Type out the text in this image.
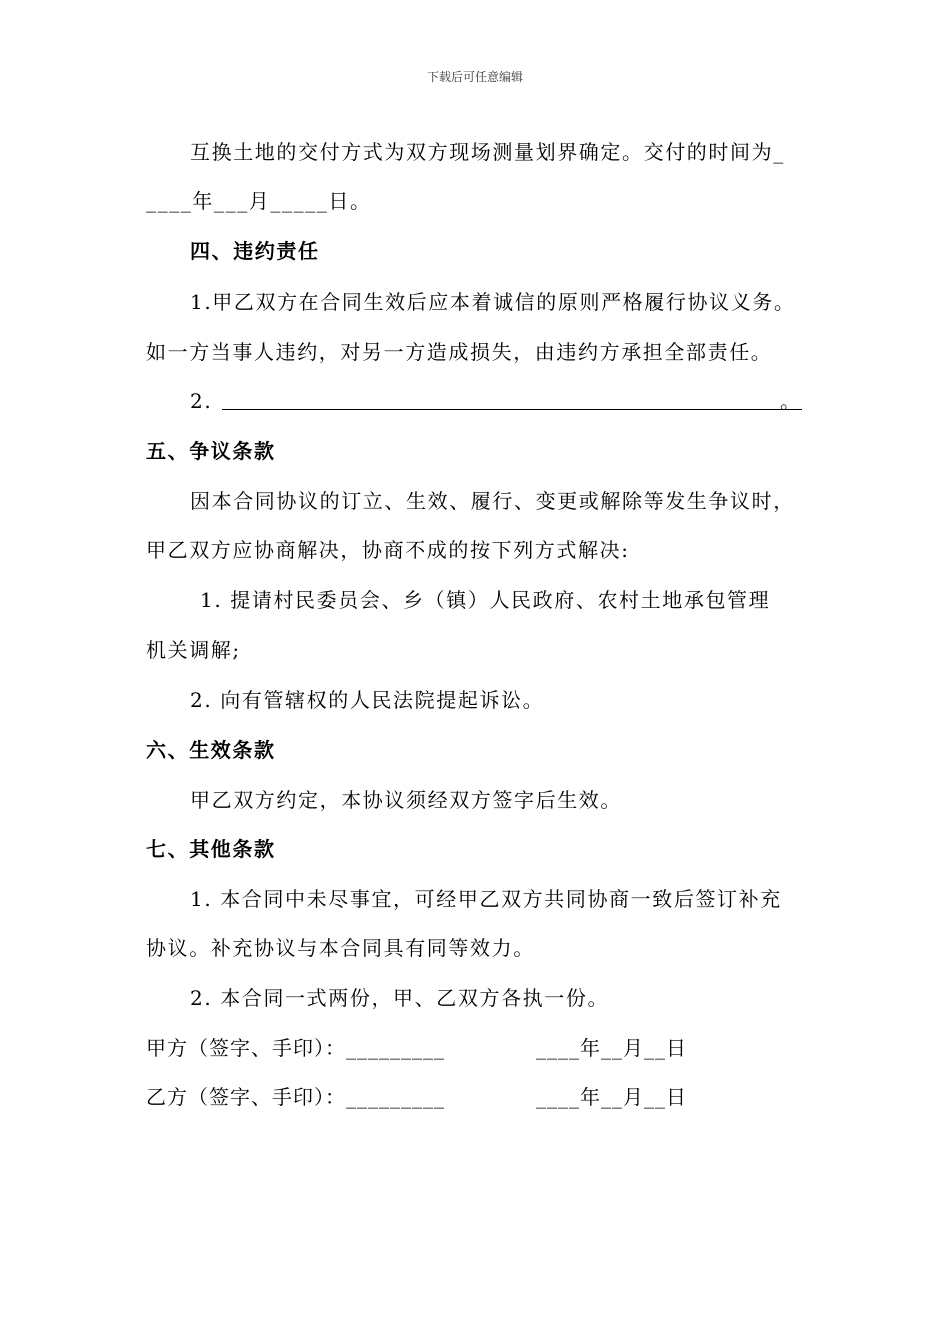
下载后可任意编辑
互换土地的交付方式为双方现场测量划界确定。交付的时间为_
____年___月_____日。
四、违约责任
1.甲乙双方在合同生效后应本着诚信的原则严格履行协议义务。
如一方当事人违约，对另一方造成损失，由违约方承担全部责任。
2.	。
五、争议条款
因本合同协议的订立、生效、履行、变更或解除等发生争议时，
甲乙双方应协商解决，协商不成的按下列方式解决:
1. 提请村民委员会、乡（镇）人民政府、农村土地承包管理
机关调解;
2. 向有管辖权的人民法院提起诉讼。
六、生效条款
甲乙双方约定，本协议须经双方签字后生效。
七、其他条款
1. 本合同中未尽事宜，可经甲乙双方共同协商一致后签订补充
协议。补充协议与本合同具有同等效力。
2. 本合同一式两份，甲、乙双方各执一份。
甲方（签字、手印）：_________	____年__月__日
乙方（签字、手印）：_________	____年__月__日
